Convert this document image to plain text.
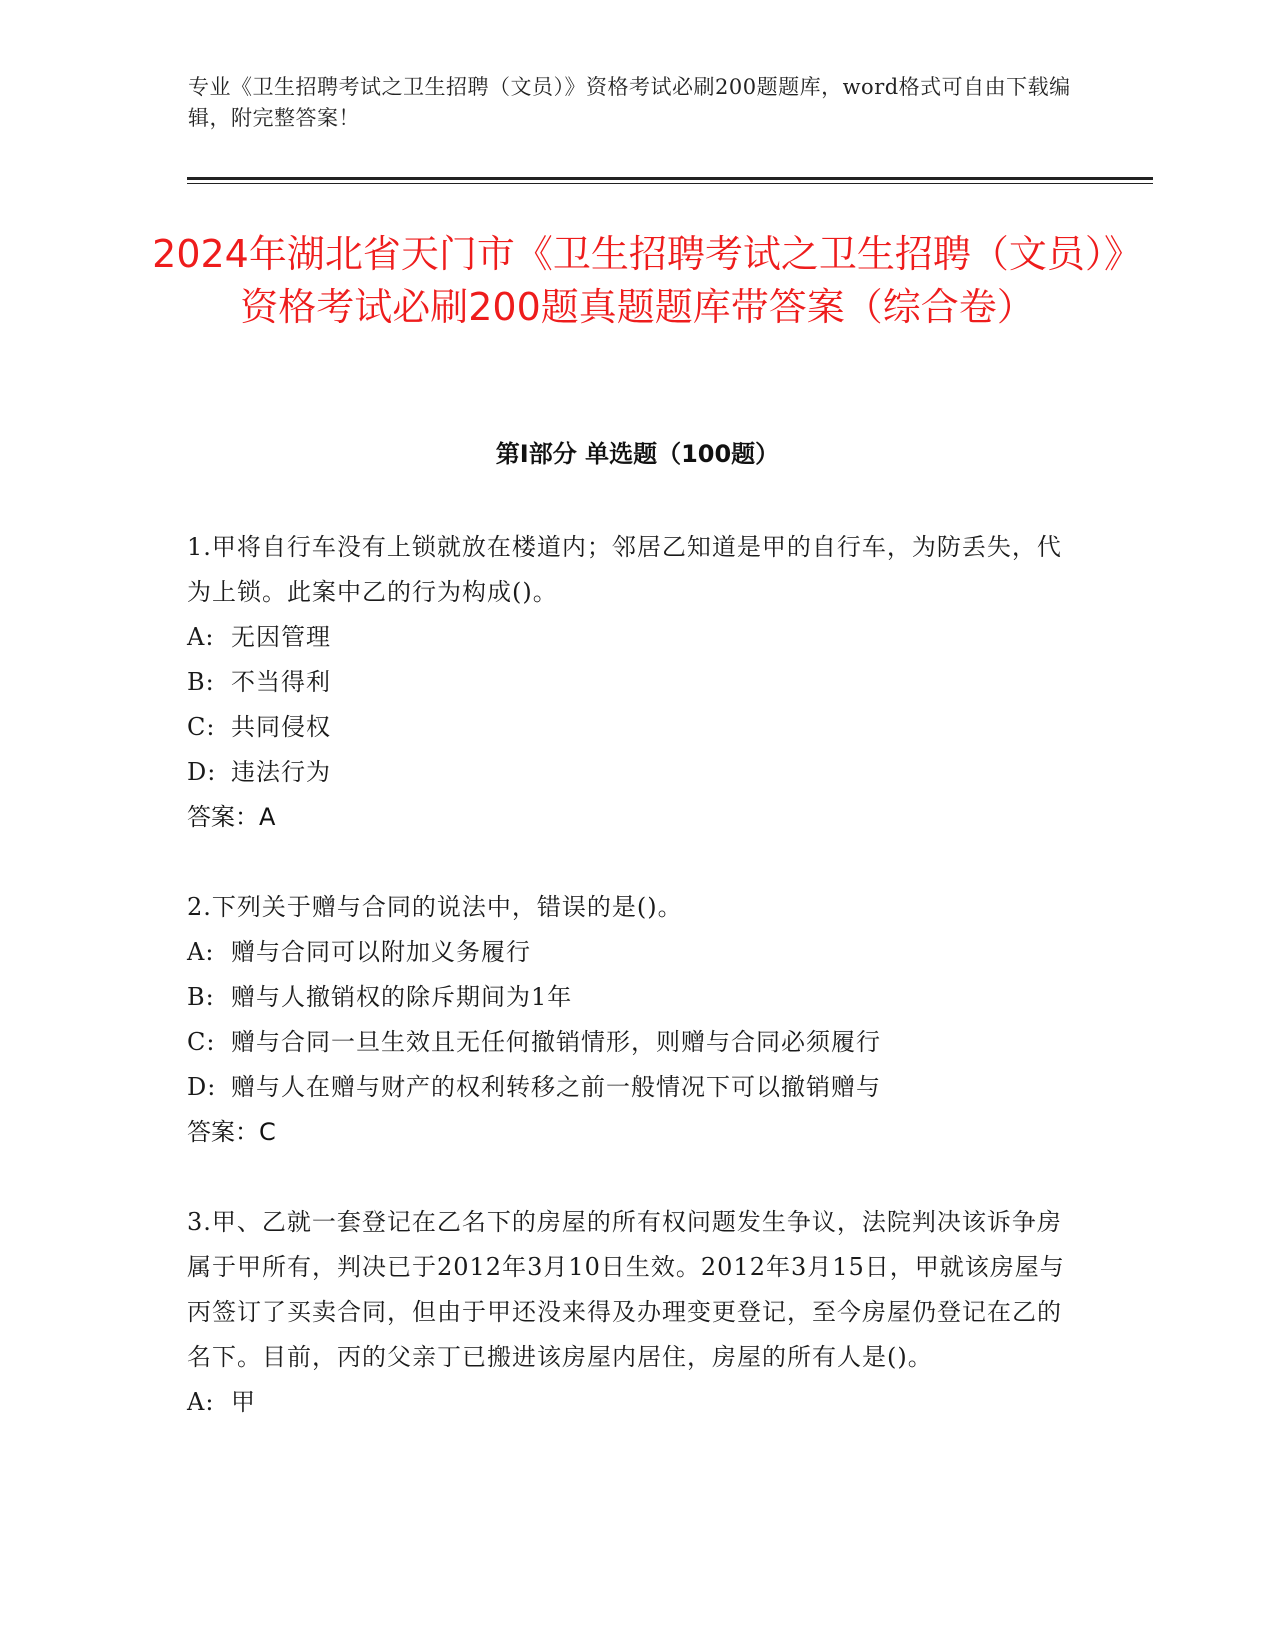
专业《卫生招聘考试之卫生招聘（文员）》资格考试必刷200题题库，word格式可自由下载编辑，附完整答案！
2024年湖北省天门市《卫生招聘考试之卫生招聘（文员）》资格考试必刷200题真题题库带答案（综合卷）
第I部分 单选题（100题）
1.甲将自行车没有上锁就放在楼道内；邻居乙知道是甲的自行车，为防丢失，代为上锁。此案中乙的行为构成()。
A: 无因管理
B: 不当得利
C: 共同侵权
D: 违法行为
答案：A
2.下列关于赠与合同的说法中，错误的是()。
A: 赠与合同可以附加义务履行
B: 赠与人撤销权的除斥期间为1年
C: 赠与合同一旦生效且无任何撤销情形，则赠与合同必须履行
D: 赠与人在赠与财产的权利转移之前一般情况下可以撤销赠与
答案：C
3.甲、乙就一套登记在乙名下的房屋的所有权问题发生争议，法院判决该诉争房属于甲所有，判决已于2012年3月10日生效。2012年3月15日，甲就该房屋与丙签订了买卖合同，但由于甲还没来得及办理变更登记，至今房屋仍登记在乙的名下。目前，丙的父亲丁已搬进该房屋内居住，房屋的所有人是()。
A: 甲
